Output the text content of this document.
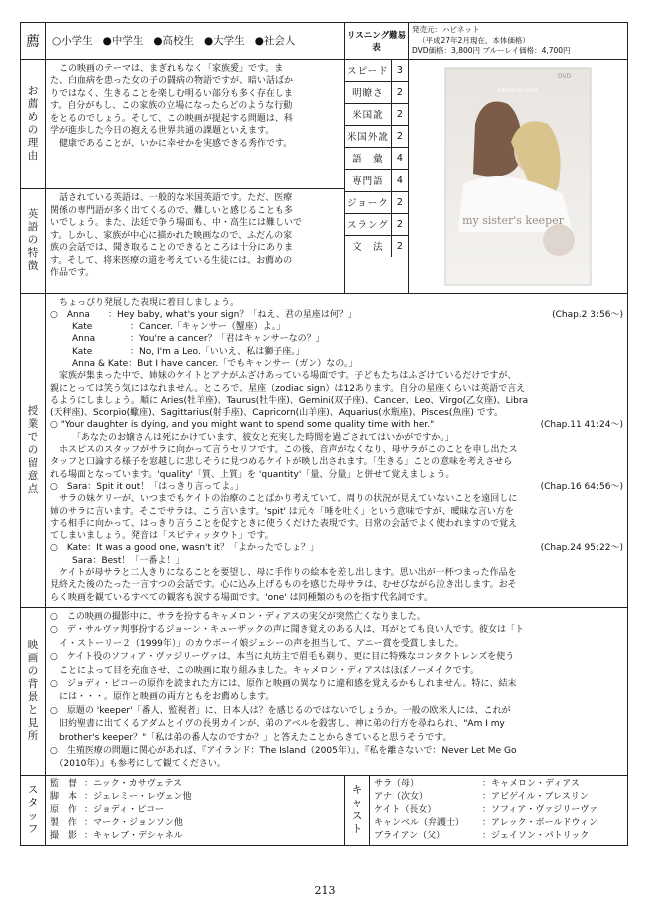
薦	○小学生 ●中学生 ●高校生 ●大学生 ●社会人	リスニング難易表	
発売元：ハピネット
（平成27年2月現在、本体価格）
DVD価格：3,800円 ブルーレイ価格：4,700円

お
薦
め
の
理
由

　この映画のテーマは、まぎれもなく「家族愛」です。ま
た、白血病を患った女の子の闘病の物語ですが、暗い話ばか
りではなく、生きることを楽しむ明るい部分も多く存在しま
す。自分がもし、この家族の立場になったらどのような行動
をとるのでしょう。そして、この映画が提起する問題は、科
学が進歩した今日の抱える世界共通の課題といえます。
　健康であることが、いかに幸せかを実感できる秀作です。

スピード	3
明瞭さ	2
米国訛	2
米国外訛	2
語　彙	4
専門語	4
ジョーク	2
スラング	2
文　法	2

DVD
cameron diaz
my sister's keeper

英
語
の
特
徴

　話されている英語は、一般的な米国英語です。ただ、医療
関係の専門語が多く出てくるので、難しいと感じることも多
いでしょう。また、法廷で争う場面も、中・高生には難しいで
す。しかし、家族が中心に描かれた映画なので、ふだんの家
族の会話では、聞き取ることのできるところは十分にありま
す。そして、将来医療の道を考えている生徒には、お薦めの
作品です。

授
業
で
の
留
意
点

　ちょっぴり発展した表現に着目しましょう。
○　Anna ：Hey baby, what's your sign？「ねえ、君の星座は何？」	(Chap.2 3:56～)
Kate	：Cancer.「キャンサー（蟹座）よ。」
Anna	：You're a cancer？「君はキャンサーなの？」
Kate	：No, I'm a Leo.「いいえ、私は獅子座。」
Anna & Kate：But I have cancer.「でもキャンサー（ガン）なの。」
　家族が集まった中で、姉妹のケイトとアナがふざけあっている場面です。子どもたちはふざけているだけですが、
親にとっては笑う気にはなれません。ところで、星座（zodiac sign）は12あります。自分の星座くらいは英語で言え
るようにしましょう。順に Aries(牡羊座)、Taurus(牡牛座)、Gemini(双子座)、Cancer、Leo、Virgo(乙女座)、Libra
(天秤座)、Scorpio(蠍座)、Sagittarius(射手座)、Capricorn(山羊座)、Aquarius(水瓶座)、Pisces(魚座) です。
○ "Your daughter is dying, and you might want to spend some quality time with her."	(Chap.11 41:24～)
「あなたのお嬢さんは死にかけています、彼女と充実した時間を過ごされてはいかがですか。」
　ホスピスのスタッフがサラに向かって言うセリフです。この後、音声がなくなり、母サラがこのことを申し出たス
タッフと口論する様子を窓越しに悲しそうに見つめるケイトが映し出されます。「生きる」ことの意味を考えさせら
れる場面となっています。'quality'「質、上質」を 'quantity'「量、分量」と併せて覚えましょう。
○　Sara：Spit it out！「はっきり言ってよ。」	(Chap.16 64:56～)
　サラの妹ケリーが、いつまでもケイトの治療のことばかり考えていて、周りの状況が見えていないことを遠回しに
姉のサラに言います。そこでサラは、こう言います。'spit' は元々「唾を吐く」という意味ですが、曖昧な言い方を
する相手に向かって、はっきり言うことを促すときに使うくだけた表現です。日常の会話でよく使われますので覚え
てしまいましょう。発音は「スピティッタウト」です。
○　Kate：It was a good one, wasn't it？「よかったでしょ？」	(Chap.24 95:22～)
Sara：Best！「一番よ！」
　ケイトが母サラと二人きりになることを要望し、母に手作りの絵本を差し出します。思い出が一杯つまった作品を
見終えた後のたった一言すつの会話です。心に込み上げるものを感じた母サラは、むせびながら泣き出します。おそ
らく映画を観ているすべての観客も涙する場面です。'one' は同種類のものを指す代名詞です。

映
画
の
背
景
と
見
所

○　この映画の撮影中に、サラを扮するキャメロン・ディアスの実父が突然亡くなりました。
○　デ・サルヴァ判事扮するジョーン・キューザックの声に聞き覚えのある人は、耳がとても良い人です。彼女は「ト
　イ・ストーリー２（1999年）」のカウボーイ娘ジェシーの声を担当して、アニー賞を受賞しました。
○　ケイト役のソフィア・ヴァジリーヴァは、本当に丸坊主で眉毛も剃り、更に目に特殊なコンタクトレンズを使う
　ことによって目を充血させ、この映画に取り組みました。キャメロン・ディアスはほぼノーメイクです。
○　ジョディ・ピコーの原作を読まれた方には、原作と映画の異なりに違和感を覚えるかもしれません。特に、結末
　には・・・。原作と映画の両方ともをお薦めします。
○　原題の 'keeper'「番人、監視者」に、日本人は？を感じるのではないでしょうか。一般の欧米人には、これが
　旧約聖書に出てくるアダムとイヴの長男カインが、弟のアベルを殺害し、神に弟の行方を尋ねられ、"Am I my
　brother's keeper？"「私は弟の番人なのですか？」と答えたことからきていると思うそうです。
○　生殖医療の問題に関心があれば、『アイランド：The Island（2005年）』、『私を離さないで：Never Let Me Go
　（2010年）』も参考にして観てください。

ス
タ
ッ
フ

監　督 ：ニック・カサヴェテス
脚　本 ：ジェレミー・レヴェン他
原　作 ：ジョディ・ピコー
製　作 ：マーク・ジョンソン他
撮　影 ：キャレブ・デシャネル

キ
ャ
ス
ト

サラ（母）	：キャメロン・ディアス
アナ（次女）	：アビゲイル・ブレスリン
ケイト（長女）	：ソフィア・ヴァジリーヴァ
キャンベル（弁護士） ：アレック・ボールドウィン
ブライアン（父）	：ジェイソン・パトリック
213
